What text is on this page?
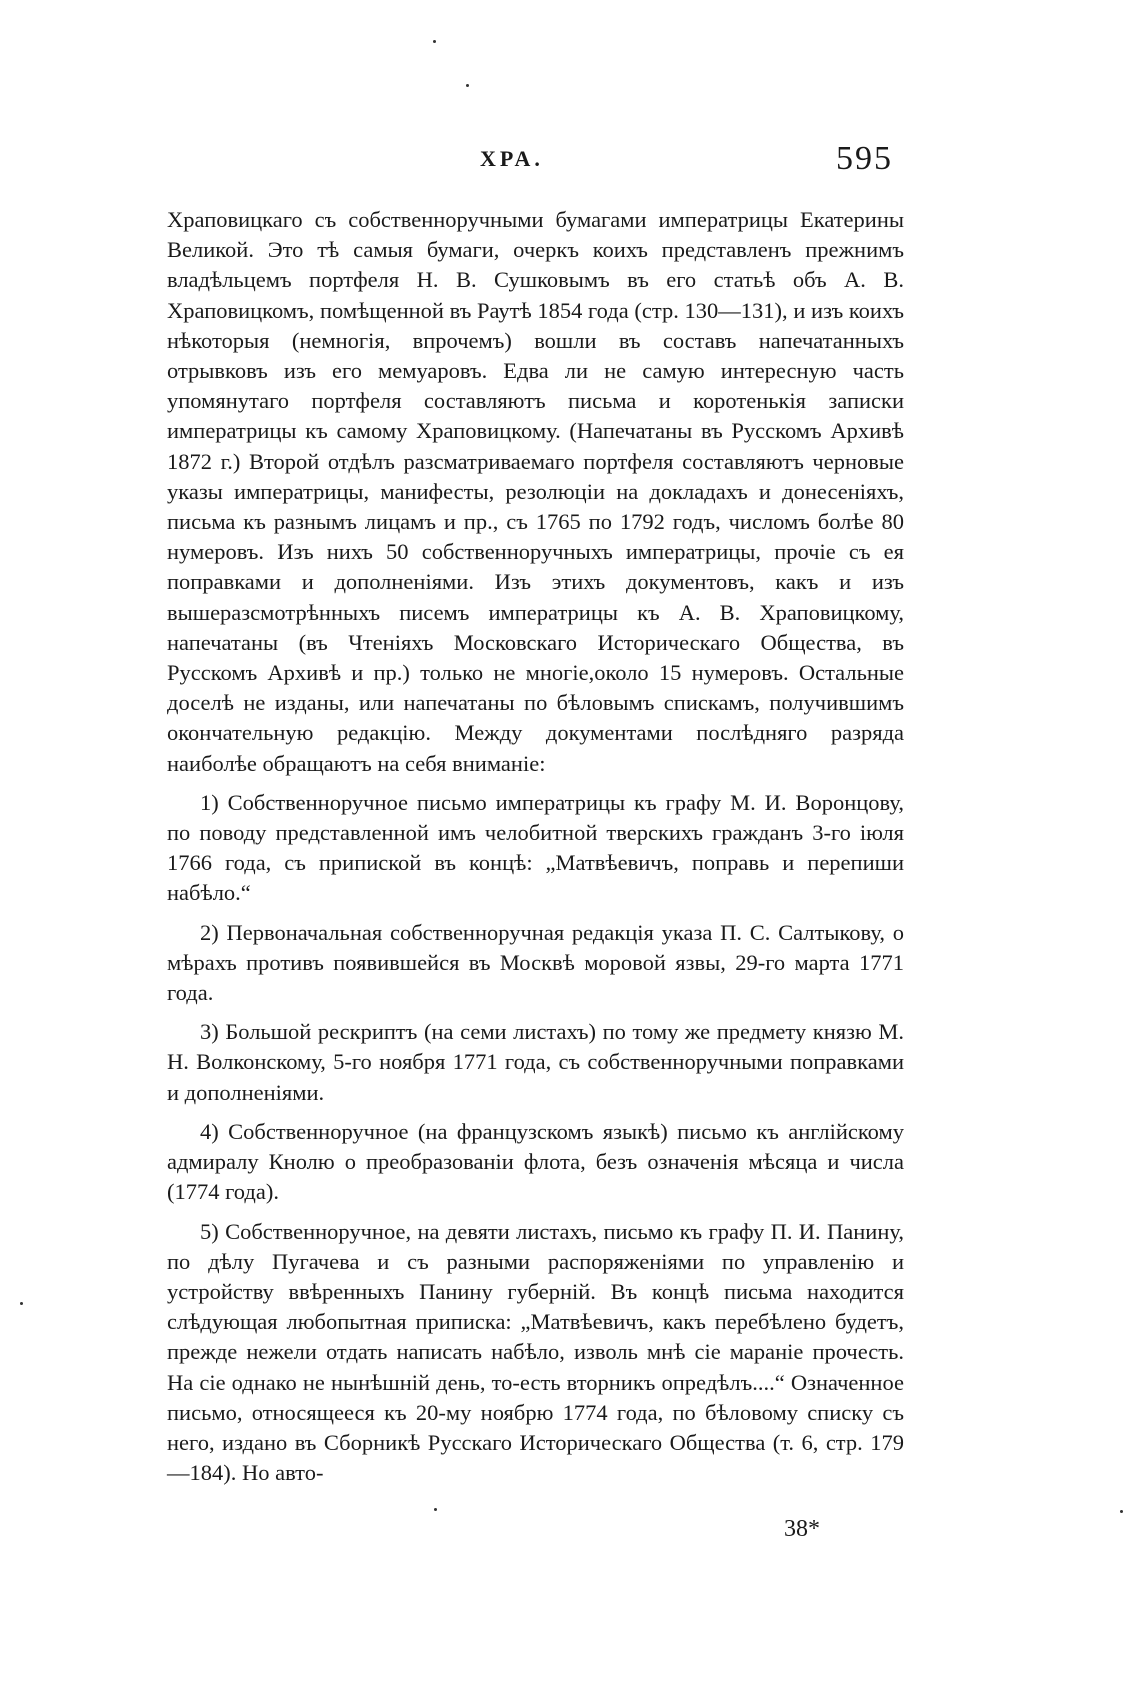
ХРА.	595

Храповицкаго съ собственноручными бумагами императрицы Екатерины Великой. Это тѣ самыя бумаги, очеркъ коихъ представленъ прежнимъ владѣльцемъ портфеля Н. В. Сушковымъ въ его статьѣ объ А. В. Храповицкомъ, помѣщенной въ Раутѣ 1854 года (стр. 130—131), и изъ коихъ нѣкоторыя (немногія, впрочемъ) вошли въ составъ напечатанныхъ отрывковъ изъ его мемуаровъ. Едва ли не самую интересную часть упомянутаго портфеля составляютъ письма и коротенькія записки императрицы къ самому Храповицкому. (Напечатаны въ Русскомъ Архивѣ 1872 г.) Второй отдѣлъ разсматриваемаго портфеля составляютъ черновые указы императрицы, манифесты, резолюціи на докладахъ и донесеніяхъ, письма къ разнымъ лицамъ и пр., съ 1765 по 1792 годъ, числомъ болѣе 80 нумеровъ. Изъ нихъ 50 собственноручныхъ императрицы, прочіе съ ея поправками и дополненіями. Изъ этихъ документовъ, какъ и изъ вышеразсмотрѣнныхъ писемъ императрицы къ А. В. Храповицкому, напечатаны (въ Чтеніяхъ Московскаго Историческаго Общества, въ Русскомъ Архивѣ и пр.) только не многіе,около 15 нумеровъ. Остальные доселѣ не изданы, или напечатаны по бѣловымъ спискамъ, получившимъ окончательную редакцію. Между документами послѣдняго разряда наиболѣе обращаютъ на себя вниманіе:

1) Собственноручное письмо императрицы къ графу М. И. Воронцову, по поводу представленной имъ челобитной тверскихъ гражданъ 3-го іюля 1766 года, съ припиской въ концѣ: „Матвѣевичъ, поправь и перепиши набѣло.“

2) Первоначальная собственноручная редакція указа П. С. Салтыкову, о мѣрахъ противъ появившейся въ Москвѣ моровой язвы, 29-го марта 1771 года.

3) Большой рескриптъ (на семи листахъ) по тому же предмету князю М. Н. Волконскому, 5-го ноября 1771 года, съ собственноручными поправками и дополненіями.

4) Собственноручное (на французскомъ языкѣ) письмо къ англійскому адмиралу Кнолю о преобразованіи флота, безъ означенія мѣсяца и числа (1774 года).

5) Собственноручное, на девяти листахъ, письмо къ графу П. И. Панину, по дѣлу Пугачева и съ разными распоряженіями по управленію и устройству ввѣренныхъ Панину губерній. Въ концѣ письма находится слѣдующая любопытная приписка: „Матвѣевичъ, какъ перебѣлено будетъ, прежде нежели отдать написать набѣло, изволь мнѣ сіе мараніе прочесть. На сіе однако не нынѣшній день, то-есть вторникъ опредѣлъ....“ Означенное письмо, относящееся къ 20-му ноябрю 1774 года, по бѣловому списку съ него, издано въ Сборникѣ Русскаго Историческаго Общества (т. 6, стр. 179—184). Но авто-

38*
